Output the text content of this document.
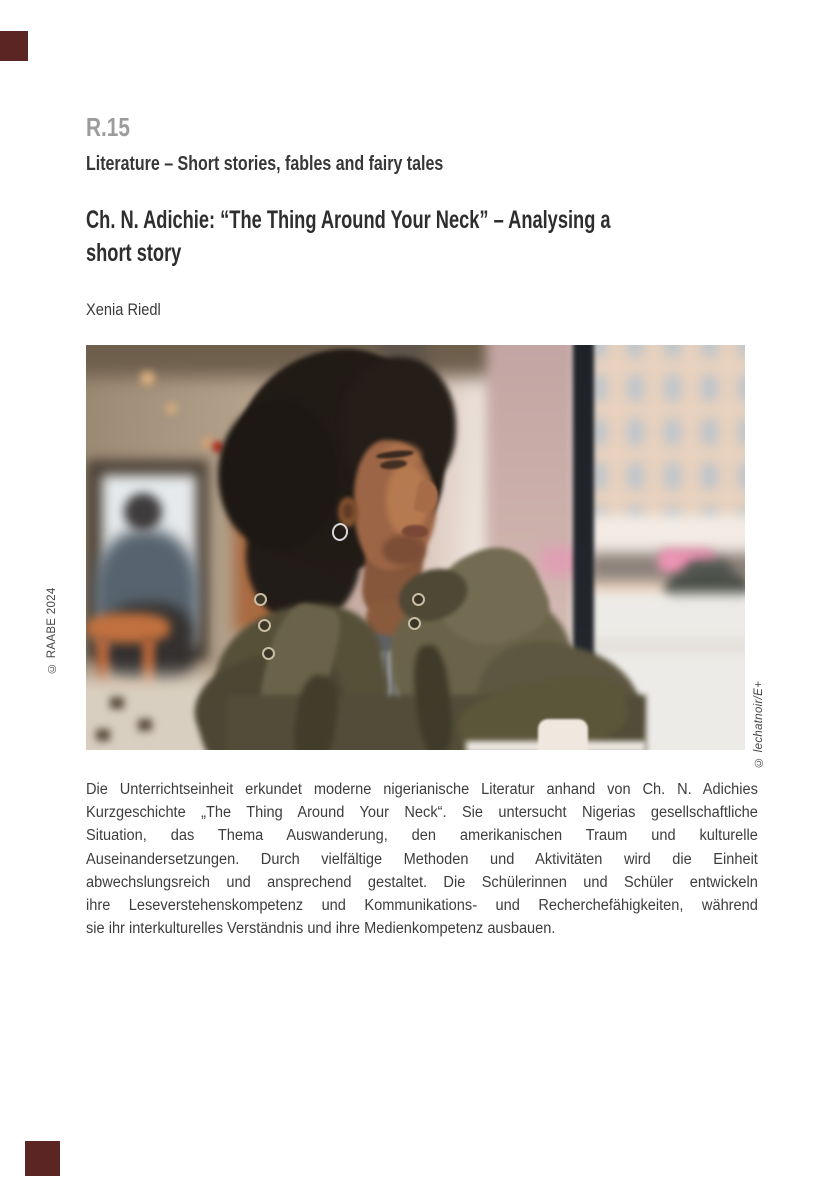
R.15
Literature – Short stories, fables and fairy tales
Ch. N. Adichie: “The Thing Around Your Neck” – Analysing a
short story
Xenia Riedl
© RAABE 2024
© lechatnoir/E+
Die Unterrichtseinheit erkundet moderne nigerianische Literatur anhand von Ch. N. Adichies
Kurzgeschichte „The Thing Around Your Neck“. Sie untersucht Nigerias gesellschaftliche
Situation, das Thema Auswanderung, den amerikanischen Traum und kulturelle
Auseinandersetzungen. Durch vielfältige Methoden und Aktivitäten wird die Einheit
abwechslungsreich und ansprechend gestaltet. Die Schülerinnen und Schüler entwickeln
ihre Leseverstehenskompetenz und Kommunikations- und Recherchefähigkeiten, während
sie ihr interkulturelles Verständnis und ihre Medienkompetenz ausbauen.
